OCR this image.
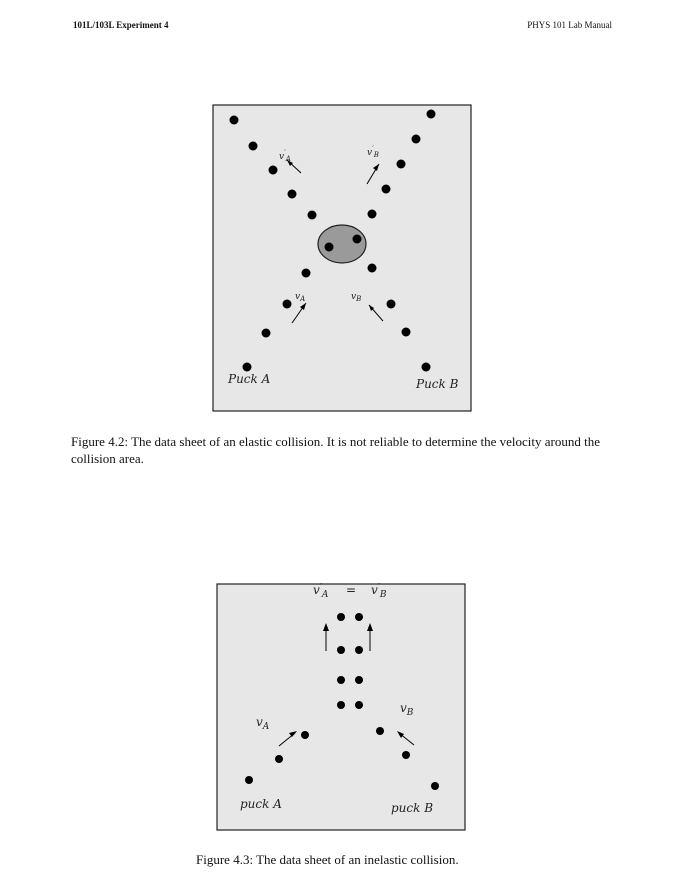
101L/103L Experiment 4	PHYS 101 Lab Manual
$v_A$	$v_B$
$v'_A$
$v'_B$
Puck A	Puck B
Figure 4.2: The data sheet of an elastic collision. It is not reliable to determine the velocity around the collision area.
$v'_A = v'_B$
$v_A$
$v_B$
puck A	puck B
Figure 4.3: The data sheet of an inelastic collision.
